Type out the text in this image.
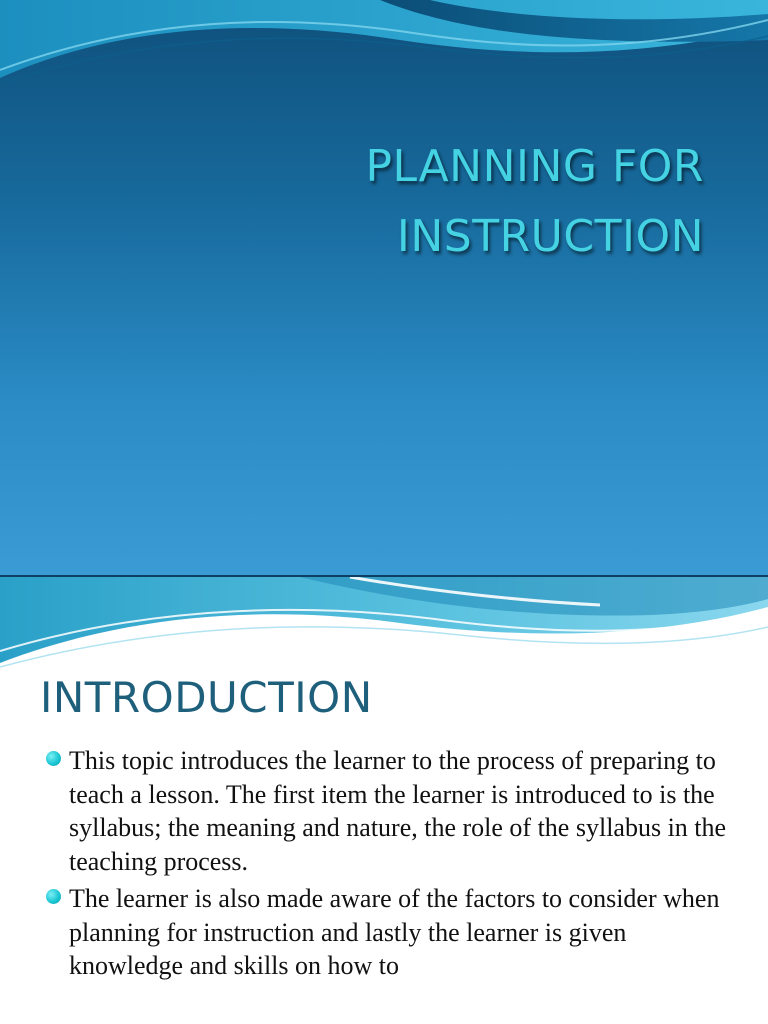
PLANNING FOR
INSTRUCTION
INTRODUCTION
This topic introduces the learner to the process of preparing to teach a lesson. The first item the learner is introduced to is the syllabus; the meaning and nature, the role of the syllabus in the teaching process.
The learner is also made aware of the factors to consider when planning for instruction and lastly the learner is given knowledge and skills on how to
